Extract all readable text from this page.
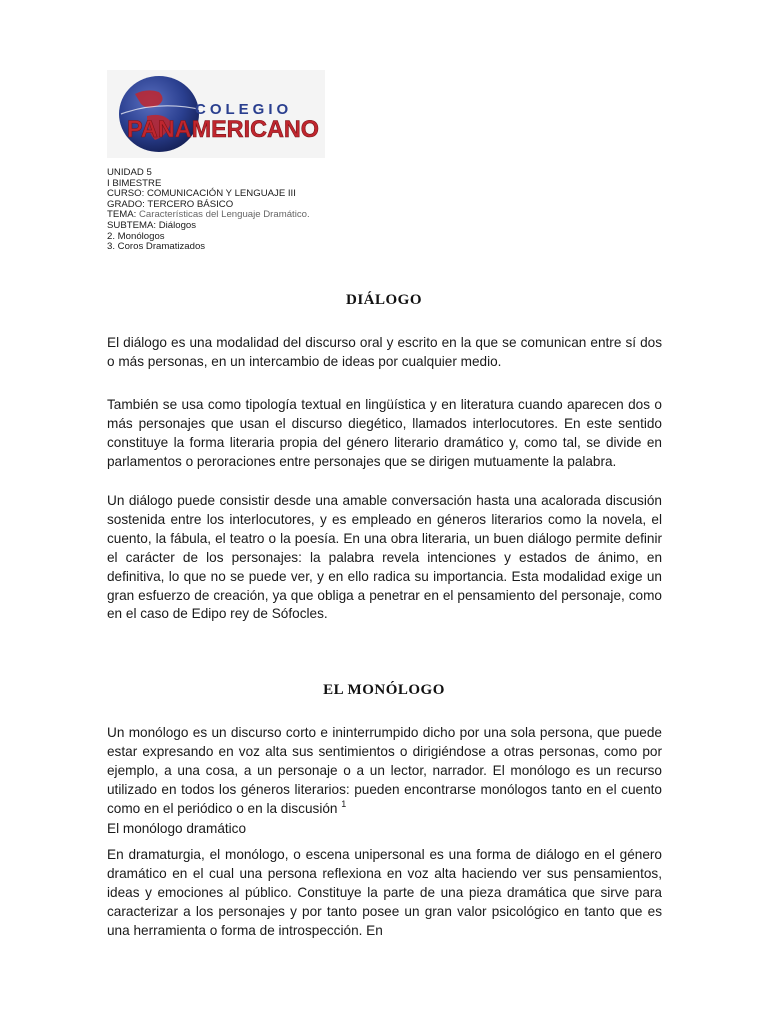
COLEGIO
PANAMERICANO
UNIDAD 5
I BIMESTRE
CURSO: COMUNICACIÓN Y LENGUAJE III
GRADO: TERCERO BÁSICO
TEMA: Características del Lenguaje Dramático.
SUBTEMA: Diálogos
2. Monólogos
3. Coros Dramatizados
DIÁLOGO
El diálogo es una modalidad del discurso oral y escrito en la que se comunican entre sí dos o más personas, en un intercambio de ideas por cualquier medio.
También se usa como tipología textual en lingüística y en literatura cuando aparecen dos o más personajes que usan el discurso diegético, llamados interlocutores. En este sentido constituye la forma literaria propia del género literario dramático y, como tal, se divide en parlamentos o peroraciones entre personajes que se dirigen mutuamente la palabra.
Un diálogo puede consistir desde una amable conversación hasta una acalorada discusión sostenida entre los interlocutores, y es empleado en géneros literarios como la novela, el cuento, la fábula, el teatro o la poesía. En una obra literaria, un buen diálogo permite definir el carácter de los personajes: la palabra revela intenciones y estados de ánimo, en definitiva, lo que no se puede ver, y en ello radica su importancia. Esta modalidad exige un gran esfuerzo de creación, ya que obliga a penetrar en el pensamiento del personaje, como en el caso de Edipo rey de Sófocles.
EL MONÓLOGO
Un monólogo es un discurso corto e ininterrumpido dicho por una sola persona, que puede estar expresando en voz alta sus sentimientos o dirigiéndose a otras personas, como por ejemplo, a una cosa, a un personaje o a un lector, narrador. El monólogo es un recurso utilizado en todos los géneros literarios: pueden encontrarse monólogos tanto en el cuento como en el periódico o en la discusión $^1$
El monólogo dramático
En dramaturgia, el monólogo, o escena unipersonal es una forma de diálogo en el género dramático en el cual una persona reflexiona en voz alta haciendo ver sus pensamientos, ideas y emociones al público. Constituye la parte de una pieza dramática que sirve para caracterizar a los personajes y por tanto posee un gran valor psicológico en tanto que es una herramienta o forma de introspección. En
